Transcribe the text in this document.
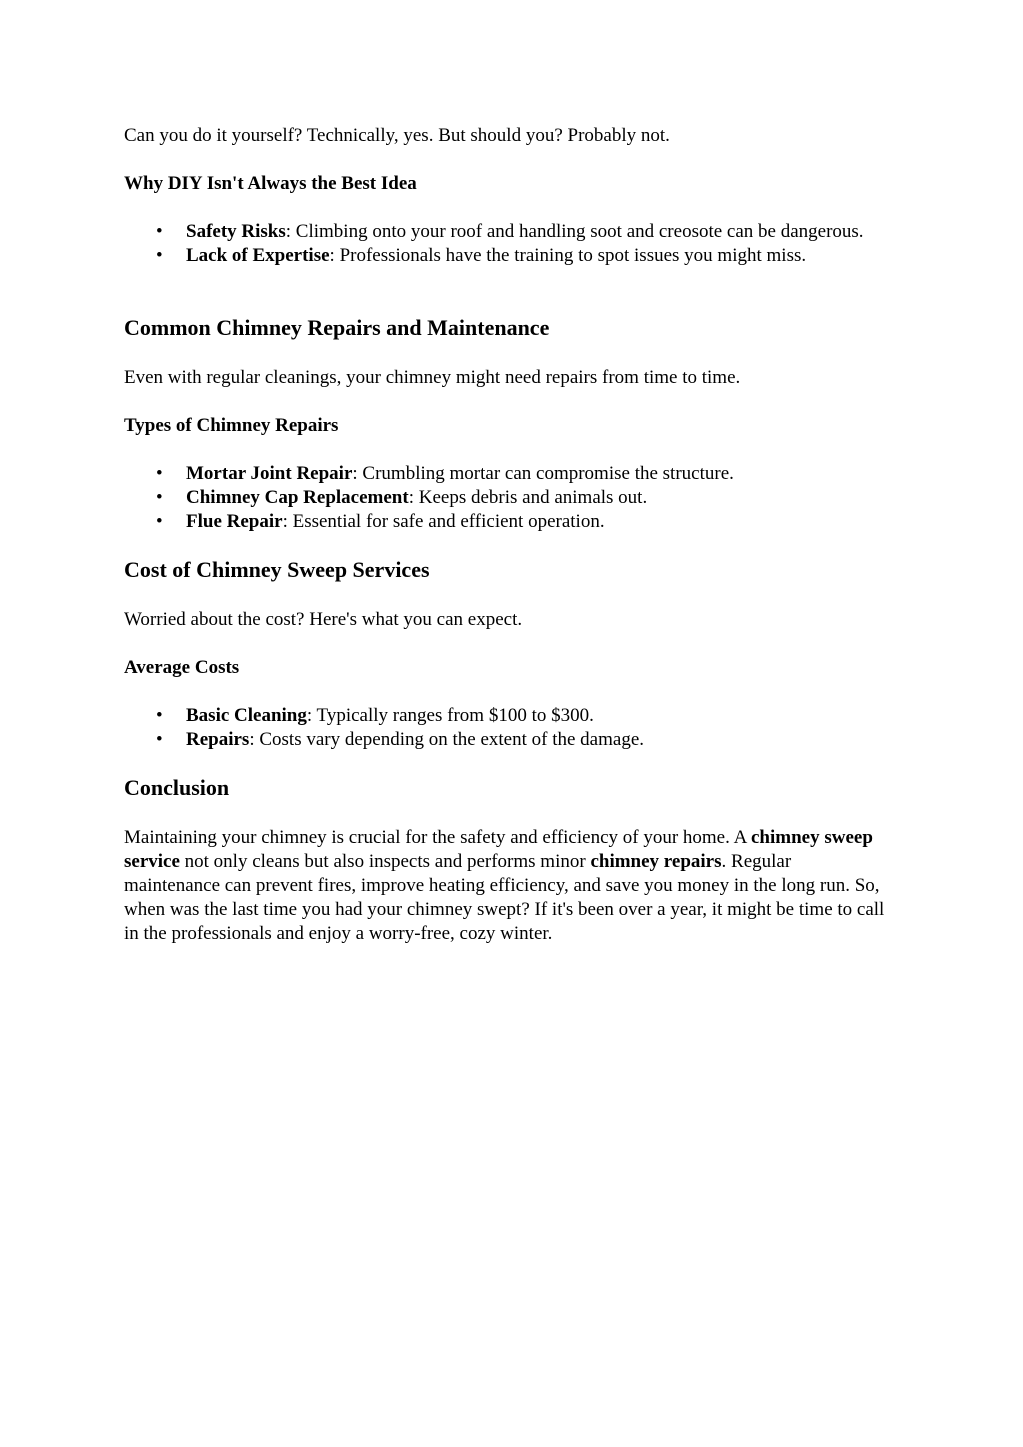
Can you do it yourself? Technically, yes. But should you? Probably not.

Why DIY Isn't Always the Best Idea
• Safety Risks: Climbing onto your roof and handling soot and creosote can be dangerous.
• Lack of Expertise: Professionals have the training to spot issues you might miss.
Common Chimney Repairs and Maintenance

Even with regular cleanings, your chimney might need repairs from time to time.

Types of Chimney Repairs
• Mortar Joint Repair: Crumbling mortar can compromise the structure.
• Chimney Cap Replacement: Keeps debris and animals out.
• Flue Repair: Essential for safe and efficient operation.
Cost of Chimney Sweep Services

Worried about the cost? Here's what you can expect.

Average Costs
• Basic Cleaning: Typically ranges from $100 to $300.
• Repairs: Costs vary depending on the extent of the damage.
Conclusion

Maintaining your chimney is crucial for the safety and efficiency of your home. A chimney sweep service not only cleans but also inspects and performs minor chimney repairs. Regular maintenance can prevent fires, improve heating efficiency, and save you money in the long run. So, when was the last time you had your chimney swept? If it's been over a year, it might be time to call in the professionals and enjoy a worry-free, cozy winter.
